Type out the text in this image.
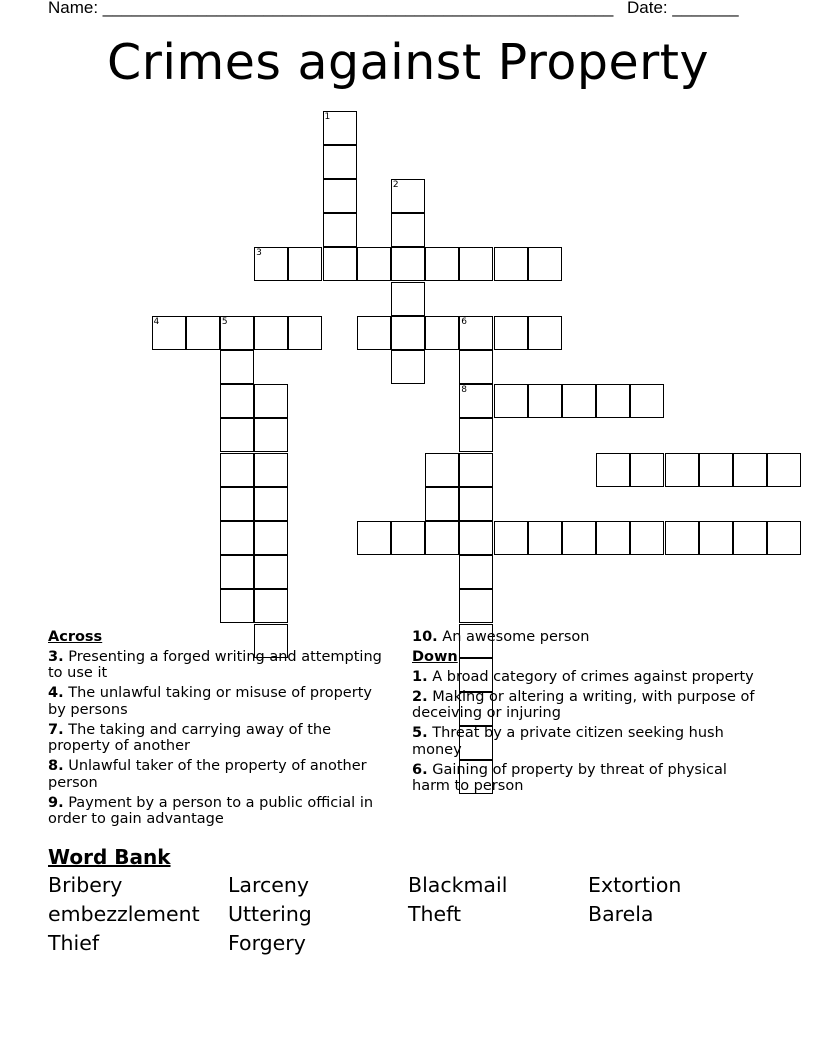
Name: ______________________________________________________ Date: _______
Crimes against Property
1
2
3
4	5	6
8
Across
3. Presenting a forged writing and attempting to use it
4. The unlawful taking or misuse of property by persons
7. The taking and carrying away of the property of another
8. Unlawful taker of the property of another person
9. Payment by a person to a public official in order to gain advantage
10. An awesome person
Down
1. A broad category of crimes against property
2. Making or altering a writing, with purpose of deceiving or injuring
5. Threat by a private citizen seeking hush money
6. Gaining of property by threat of physical harm to person
Word Bank
Bribery	Larceny	Blackmail	Extortion
embezzlement	Uttering	Theft	Barela
Thief	Forgery
